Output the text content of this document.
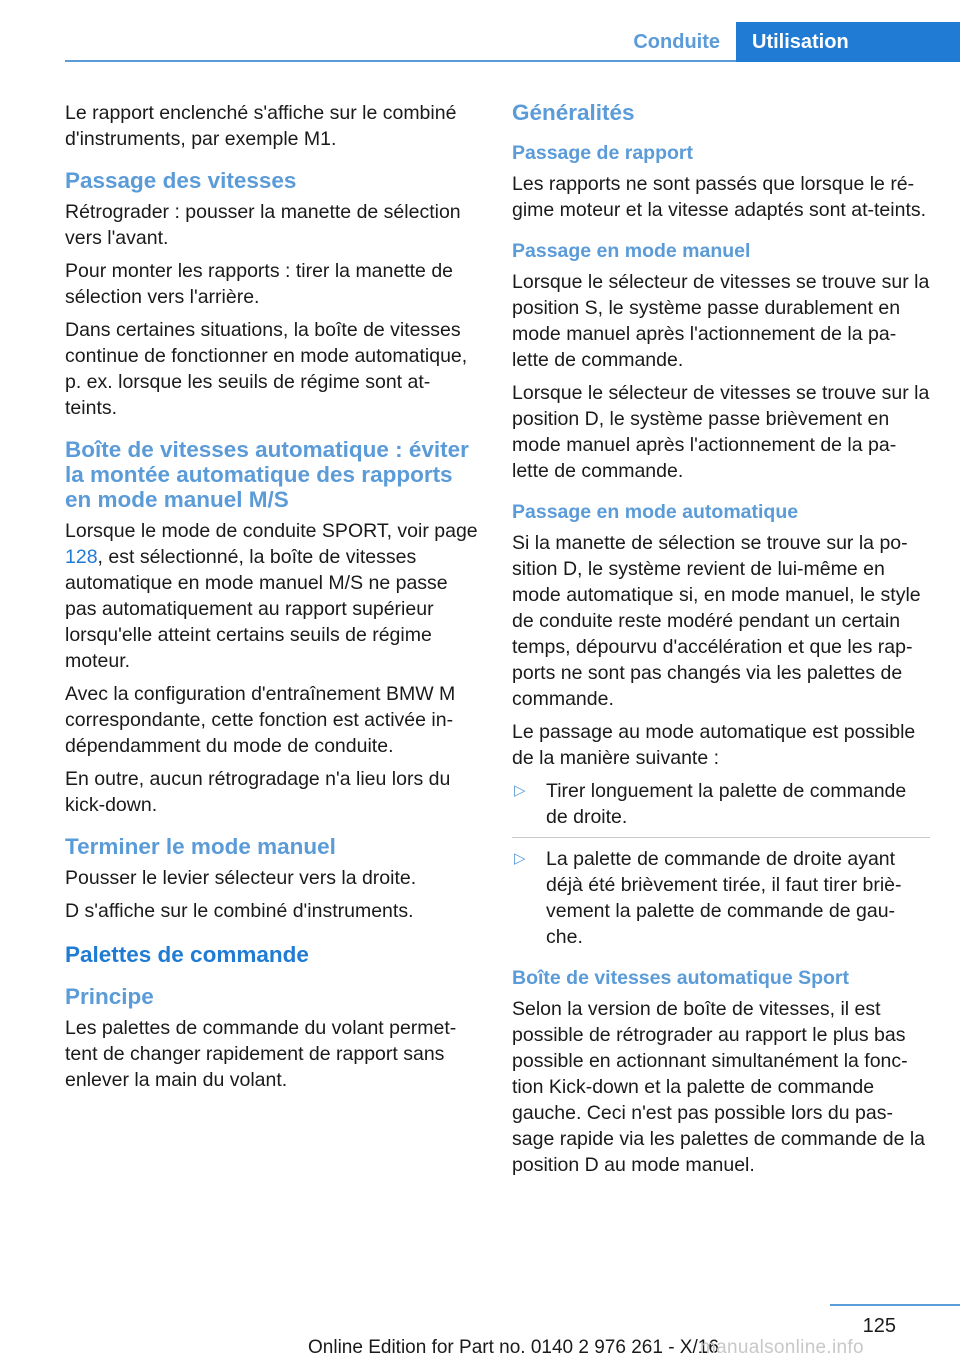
Conduite	Utilisation

Le rapport enclenché s'affiche sur le combiné d'instruments, par exemple M1.

Passage des vitesses

Rétrograder : pousser la manette de sélection vers l'avant.

Pour monter les rapports : tirer la manette de sélection vers l'arrière.

Dans certaines situations, la boîte de vitesses continue de fonctionner en mode automatique, p. ex. lorsque les seuils de régime sont at-teints.

Boîte de vitesses automatique : éviter la montée automatique des rapports en mode manuel M/S

Lorsque le mode de conduite SPORT, voir page 128, est sélectionné, la boîte de vitesses automatique en mode manuel M/S ne passe pas automatiquement au rapport supérieur lorsqu'elle atteint certains seuils de régime moteur.

Avec la configuration d'entraînement BMW M correspondante, cette fonction est activée in-dépendamment du mode de conduite.

En outre, aucun rétrogradage n'a lieu lors du kick-down.

Terminer le mode manuel

Pousser le levier sélecteur vers la droite.

D s'affiche sur le combiné d'instruments.

Palettes de commande
Principe

Les palettes de commande du volant permet-tent de changer rapidement de rapport sans enlever la main du volant.

Généralités
Passage de rapport

Les rapports ne sont passés que lorsque le ré-gime moteur et la vitesse adaptés sont at-teints.

Passage en mode manuel

Lorsque le sélecteur de vitesses se trouve sur la position S, le système passe durablement en mode manuel après l'actionnement de la pa-lette de commande.

Lorsque le sélecteur de vitesses se trouve sur la position D, le système passe brièvement en mode manuel après l'actionnement de la pa-lette de commande.

Passage en mode automatique

Si la manette de sélection se trouve sur la po-sition D, le système revient de lui-même en mode automatique si, en mode manuel, le style de conduite reste modéré pendant un certain temps, dépourvu d'accélération et que les rap-ports ne sont pas changés via les palettes de commande.

Le passage au mode automatique est possible de la manière suivante :

▷ Tirer longuement la palette de commande de droite.

▷ La palette de commande de droite ayant déjà été brièvement tirée, il faut tirer briè-vement la palette de commande de gau-che.

Boîte de vitesses automatique Sport

Selon la version de boîte de vitesses, il est possible de rétrograder au rapport le plus bas possible en actionnant simultanément la fonc-tion Kick-down et la palette de commande gauche. Ceci n'est pas possible lors du pas-sage rapide via les palettes de commande de la position D au mode manuel.

125
Online Edition for Part no. 0140 2 976 261 - X/16
manualsonline.info
